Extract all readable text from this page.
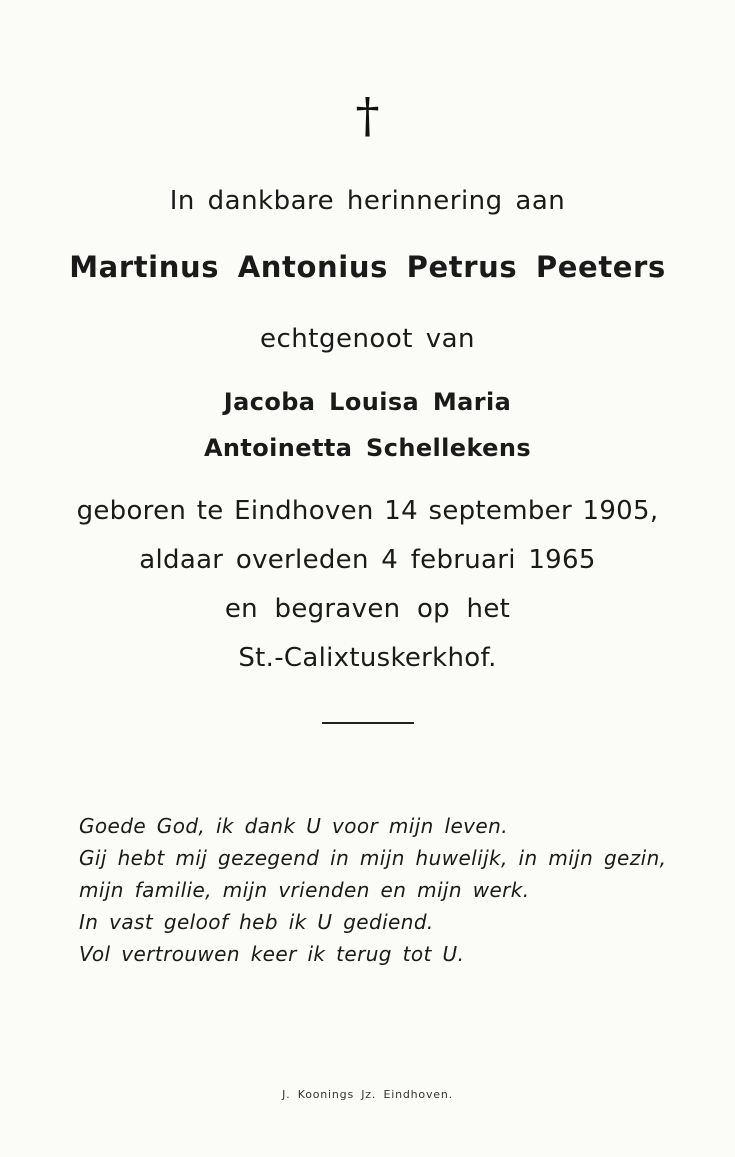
†
In dankbare herinnering aan
Martinus Antonius Petrus Peeters
echtgenoot van
Jacoba Louisa Maria
Antoinetta Schellekens
geboren te Eindhoven 14 september 1905,
aldaar overleden 4 februari 1965
en begraven op het
St.-Calixtuskerkhof.
Goede God, ik dank U voor mijn leven.
Gij hebt mij gezegend in mijn huwelijk, in mijn gezin,
mijn familie, mijn vrienden en mijn werk.
In vast geloof heb ik U gediend.
Vol vertrouwen keer ik terug tot U.
J. Koonings Jz. Eindhoven.
